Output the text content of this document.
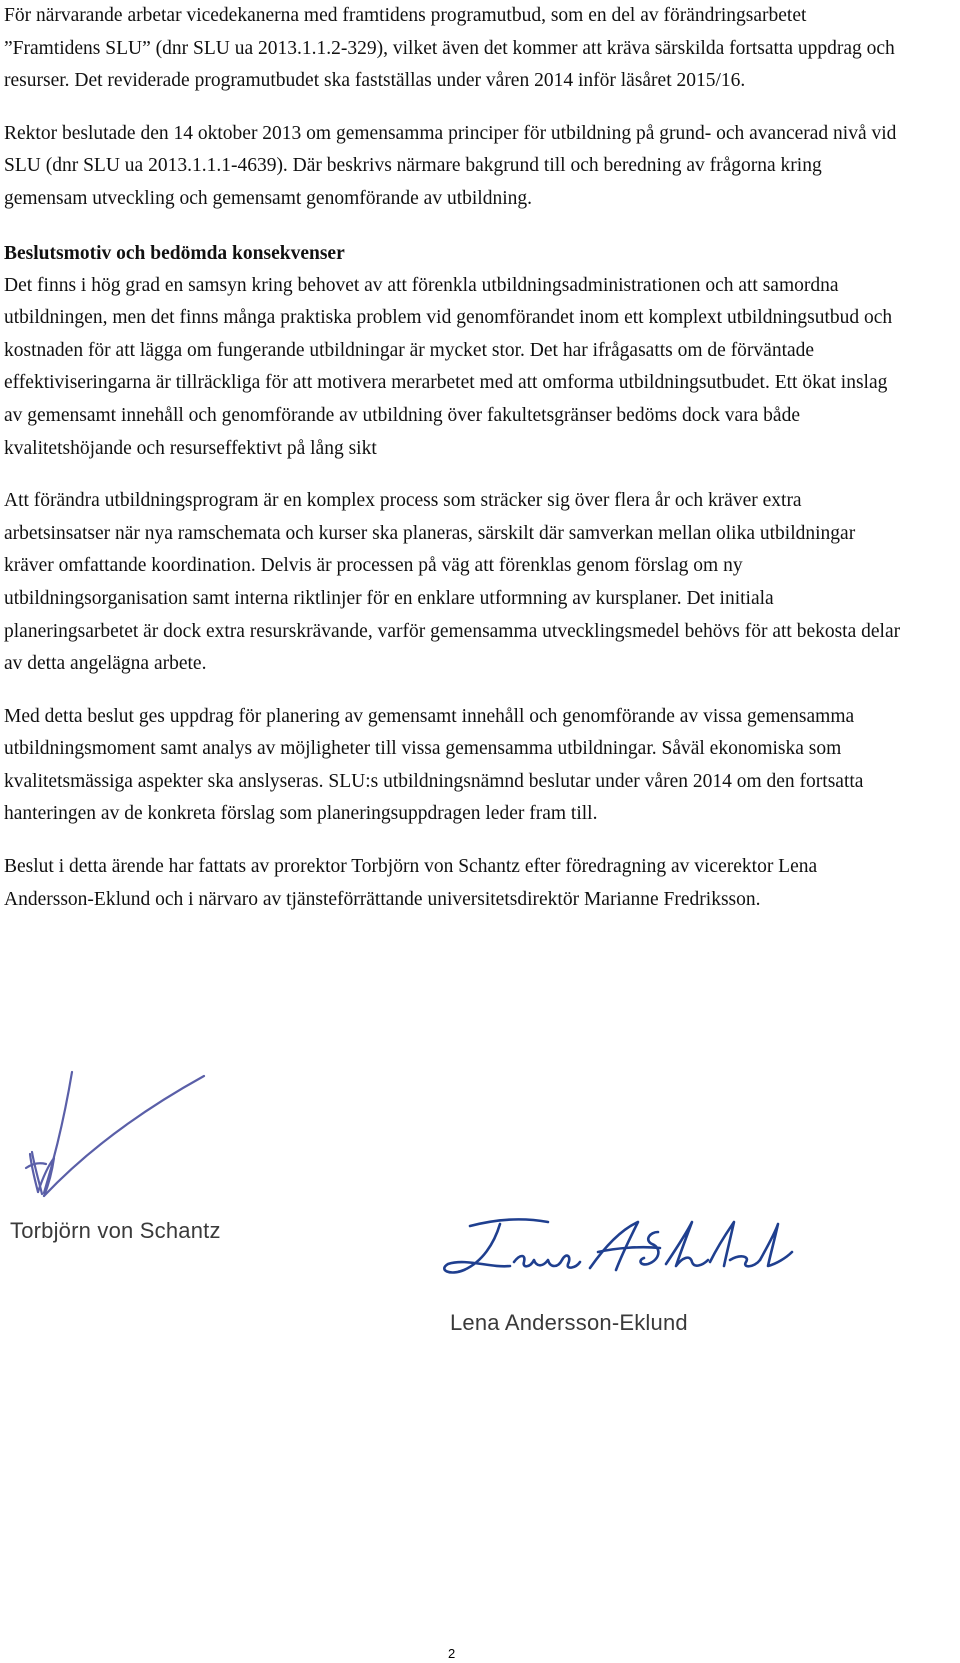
För närvarande arbetar vicedekanerna med framtidens programutbud, som en del av förändringsarbetet ”Framtidens SLU” (dnr SLU ua 2013.1.1.2-329), vilket även det kommer att kräva särskilda fortsatta uppdrag och resurser. Det reviderade programutbudet ska fastställas under våren 2014 inför läsåret 2015/16.

Rektor beslutade den 14 oktober 2013 om gemensamma principer för utbildning på grund- och avancerad nivå vid SLU (dnr SLU ua 2013.1.1.1-4639). Där beskrivs närmare bakgrund till och beredning av frågorna kring gemensam utveckling och gemensamt genomförande av utbildning.

Beslutsmotiv och bedömda konsekvenser

Det finns i hög grad en samsyn kring behovet av att förenkla utbildningsadministrationen och att samordna utbildningen, men det finns många praktiska problem vid genomförandet inom ett komplext utbildningsutbud och kostnaden för att lägga om fungerande utbildningar är mycket stor. Det har ifrågasatts om de förväntade effektiviseringarna är tillräckliga för att motivera merarbetet med att omforma utbildningsutbudet. Ett ökat inslag av gemensamt innehåll och genomförande av utbildning över fakultetsgränser bedöms dock vara både kvalitetshöjande och resurseffektivt på lång sikt

Att förändra utbildningsprogram är en komplex process som sträcker sig över flera år och kräver extra arbetsinsatser när nya ramschemata och kurser ska planeras, särskilt där samverkan mellan olika utbildningar kräver omfattande koordination. Delvis är processen på väg att förenklas genom förslag om ny utbildningsorganisation samt interna riktlinjer för en enklare utformning av kursplaner. Det initiala planeringsarbetet är dock extra resurskrävande, varför gemensamma utvecklingsmedel behövs för att bekosta delar av detta angelägna arbete.

Med detta beslut ges uppdrag för planering av gemensamt innehåll och genomförande av vissa gemensamma utbildningsmoment samt analys av möjligheter till vissa gemensamma utbildningar. Såväl ekonomiska som kvalitetsmässiga aspekter ska anslyseras. SLU:s utbildningsnämnd beslutar under våren 2014 om den fortsatta hanteringen av de konkreta förslag som planeringsuppdragen leder fram till.

Beslut i detta ärende har fattats av prorektor Torbjörn von Schantz efter föredragning av vicerektor Lena Andersson-Eklund och i närvaro av tjänsteförrättande universitetsdirektör Marianne Fredriksson.

Torbjörn von Schantz
Lena Andersson-Eklund
2
